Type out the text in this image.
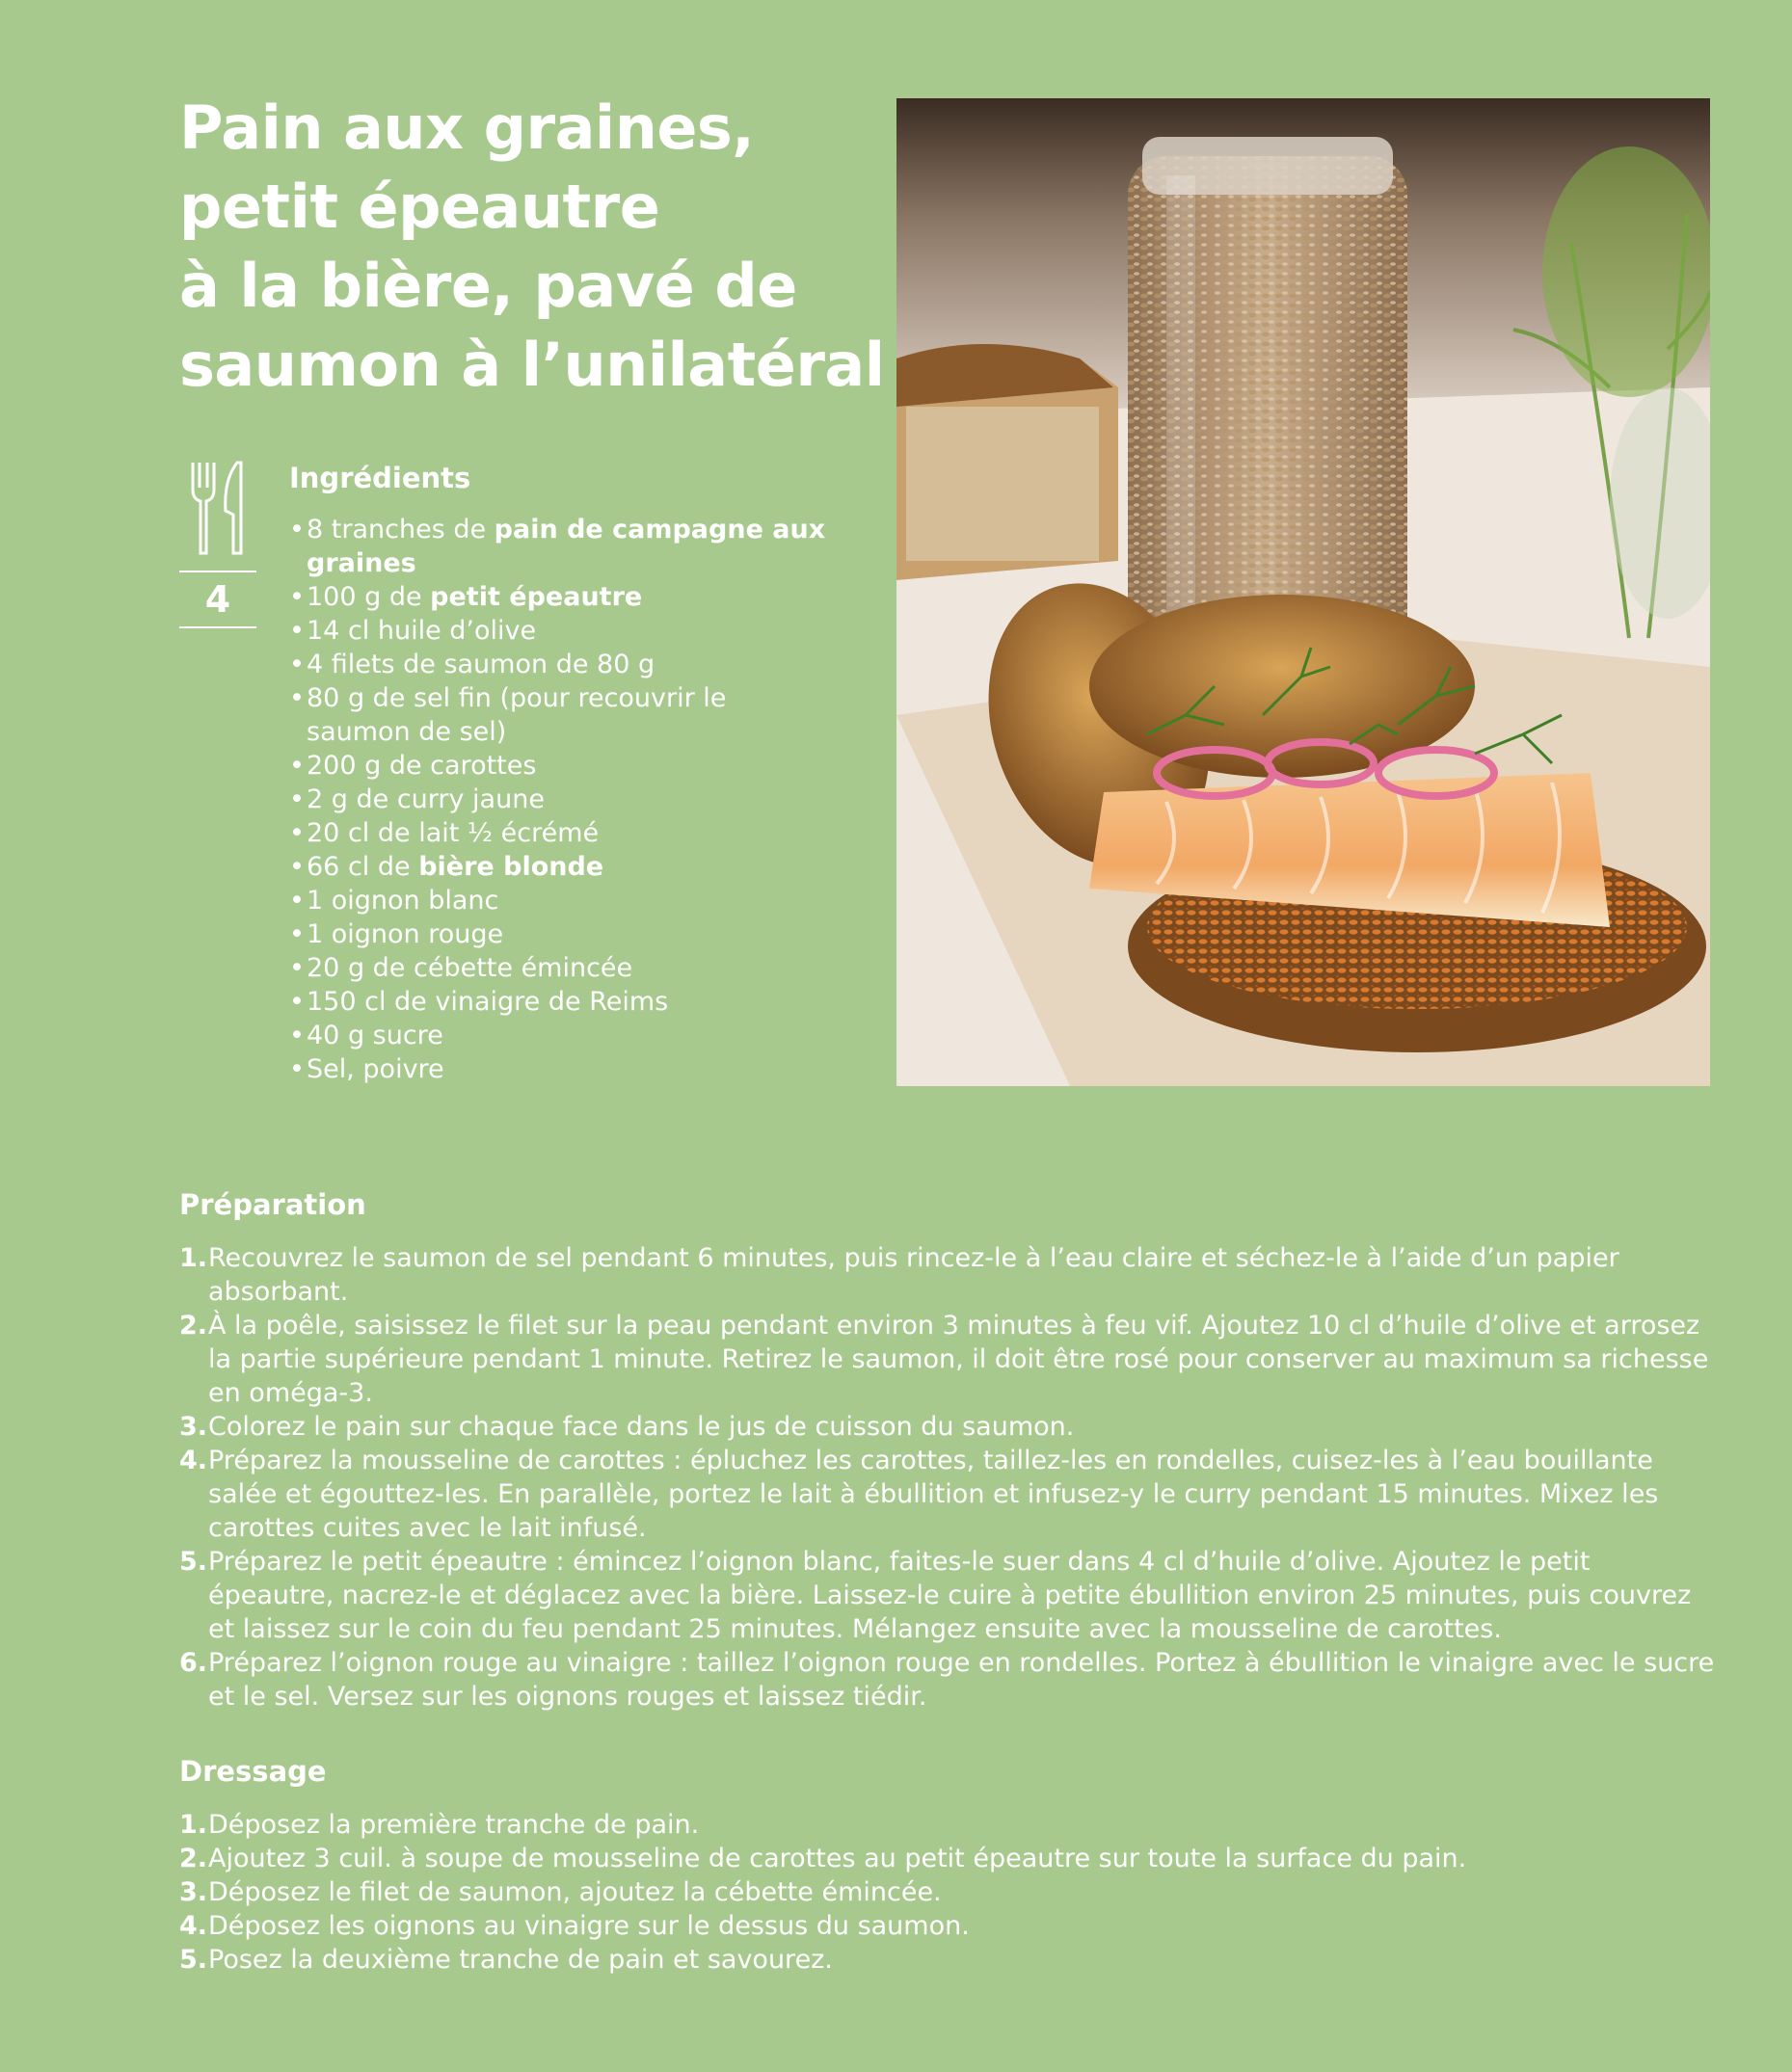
Pain aux graines,
petit épeautre
à la bière, pavé de
saumon à l’unilatéral
4
Ingrédients
• 8 tranches de pain de campagne aux graines
• 100 g de petit épeautre
• 14 cl huile d’olive
• 4 filets de saumon de 80 g
• 80 g de sel fin (pour recouvrir le saumon de sel)
• 200 g de carottes
• 2 g de curry jaune
• 20 cl de lait ½ écrémé
• 66 cl de bière blonde
• 1 oignon blanc
• 1 oignon rouge
• 20 g de cébette émincée
• 150 cl de vinaigre de Reims
• 40 g sucre
• Sel, poivre
Préparation
1. Recouvrez le saumon de sel pendant 6 minutes, puis rincez-le à l’eau claire et séchez-le à l’aide d’un papier absorbant.
2. À la poêle, saisissez le filet sur la peau pendant environ 3 minutes à feu vif. Ajoutez 10 cl d’huile d’olive et arrosez la partie supérieure pendant 1 minute. Retirez le saumon, il doit être rosé pour conserver au maximum sa richesse en oméga-3.
3. Colorez le pain sur chaque face dans le jus de cuisson du saumon.
4. Préparez la mousseline de carottes : épluchez les carottes, taillez-les en rondelles, cuisez-les à l’eau bouillante salée et égouttez-les. En parallèle, portez le lait à ébullition et infusez-y le curry pendant 15 minutes. Mixez les carottes cuites avec le lait infusé.
5. Préparez le petit épeautre : émincez l’oignon blanc, faites-le suer dans 4 cl d’huile d’olive. Ajoutez le petit épeautre, nacrez-le et déglacez avec la bière. Laissez-le cuire à petite ébullition environ 25 minutes, puis couvrez et laissez sur le coin du feu pendant 25 minutes. Mélangez ensuite avec la mousseline de carottes.
6. Préparez l’oignon rouge au vinaigre : taillez l’oignon rouge en rondelles. Portez à ébullition le vinaigre avec le sucre et le sel. Versez sur les oignons rouges et laissez tiédir.
Dressage
1. Déposez la première tranche de pain.
2. Ajoutez 3 cuil. à soupe de mousseline de carottes au petit épeautre sur toute la surface du pain.
3. Déposez le filet de saumon, ajoutez la cébette émincée.
4. Déposez les oignons au vinaigre sur le dessus du saumon.
5. Posez la deuxième tranche de pain et savourez.
